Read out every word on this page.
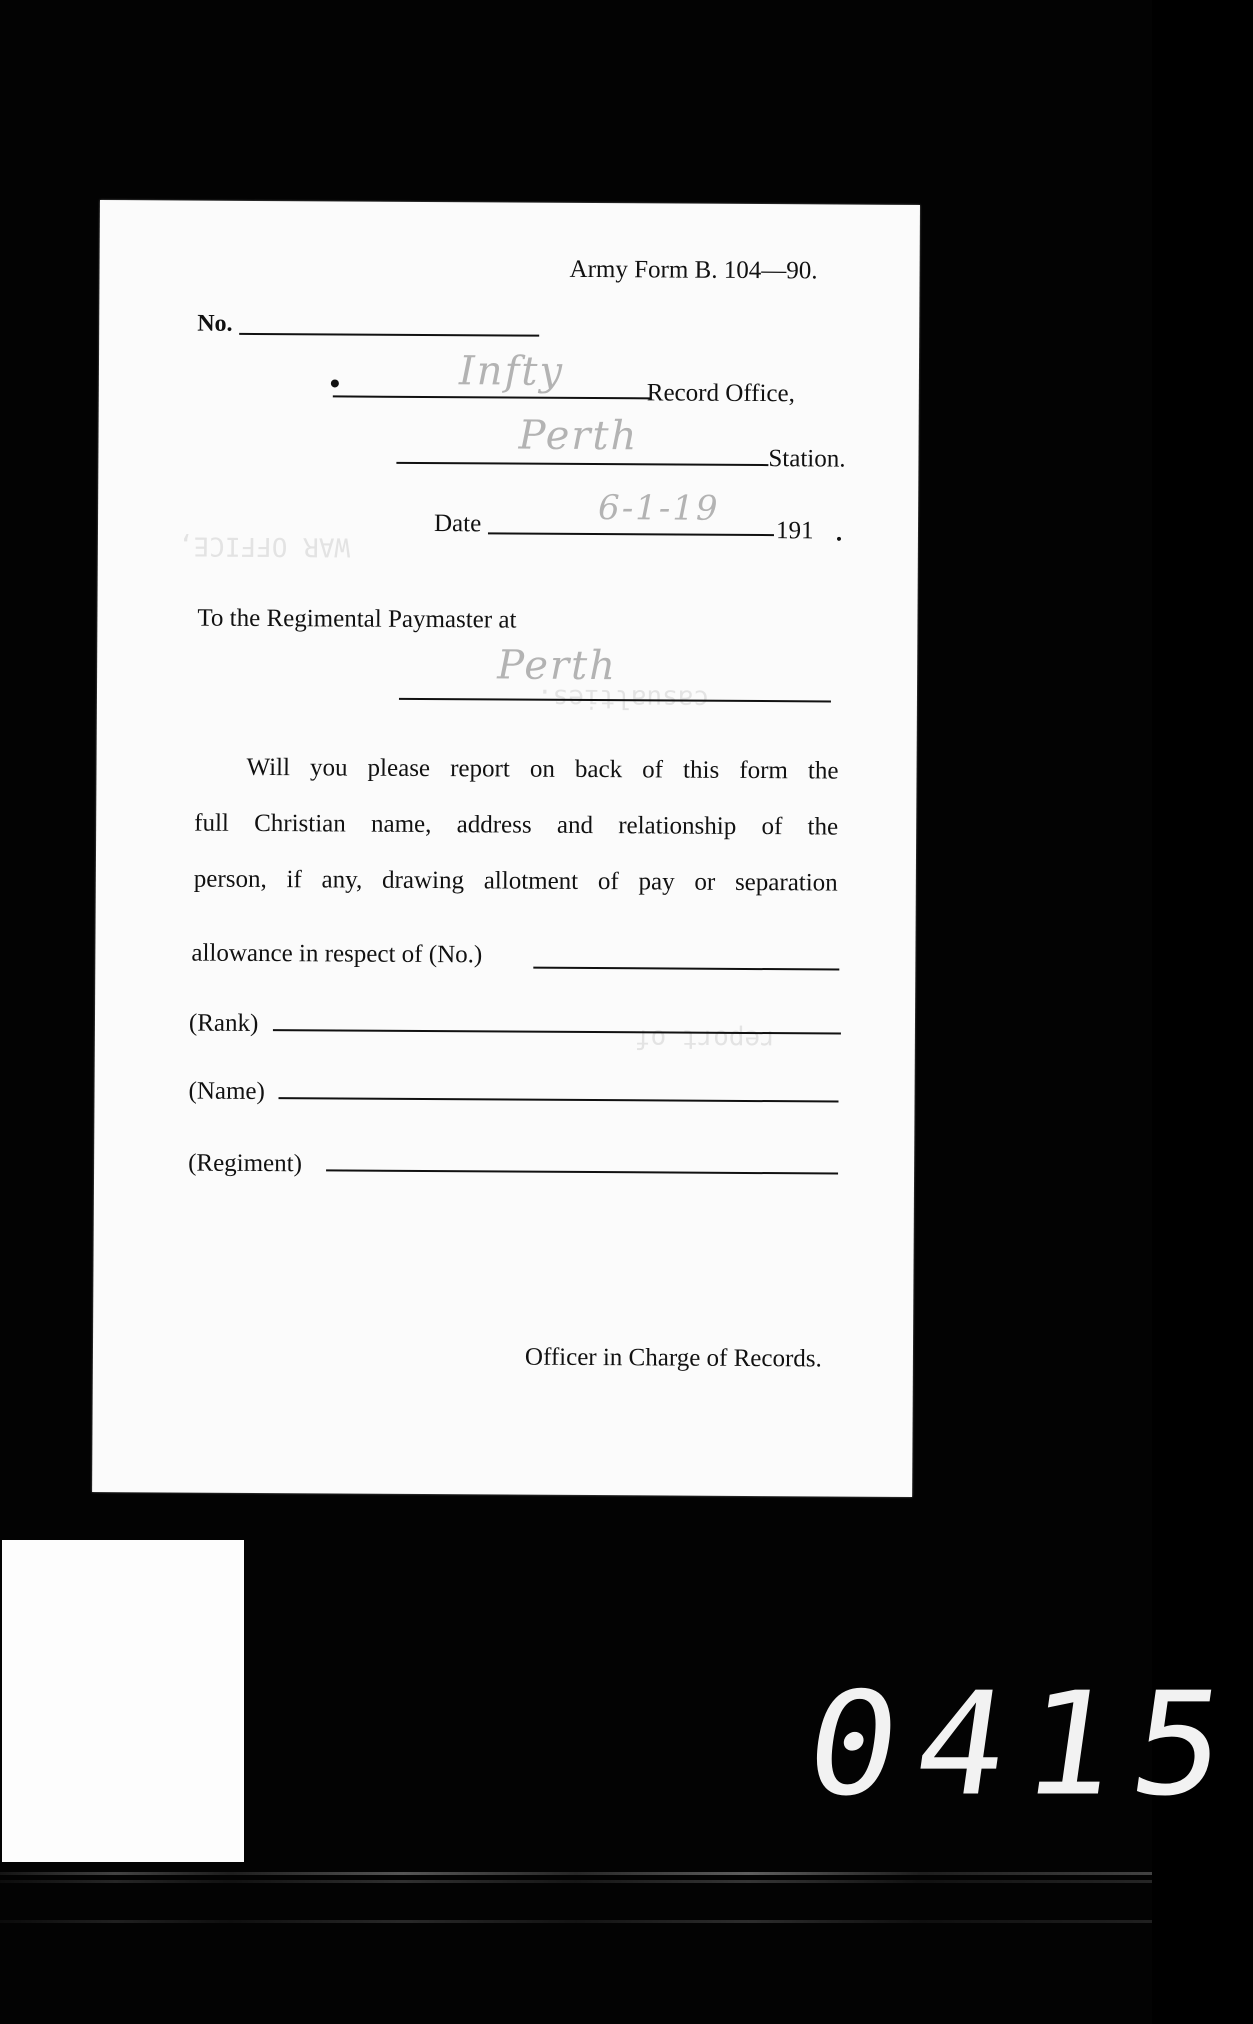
WAR OFFICE,
casualties.
report of
Army Form B. 104—90.
No.
Infty	Record Office,
Perth	Station.
Date	6-1-19
191 .
To the Regimental Paymaster at
Perth
Will you please report on back of this form the
full Christian name, address and relationship of the
person, if any, drawing allotment of pay or separation
allowance in respect of (No.)
(Rank)
(Name)
(Regiment)
Officer in Charge of Records.
0415
